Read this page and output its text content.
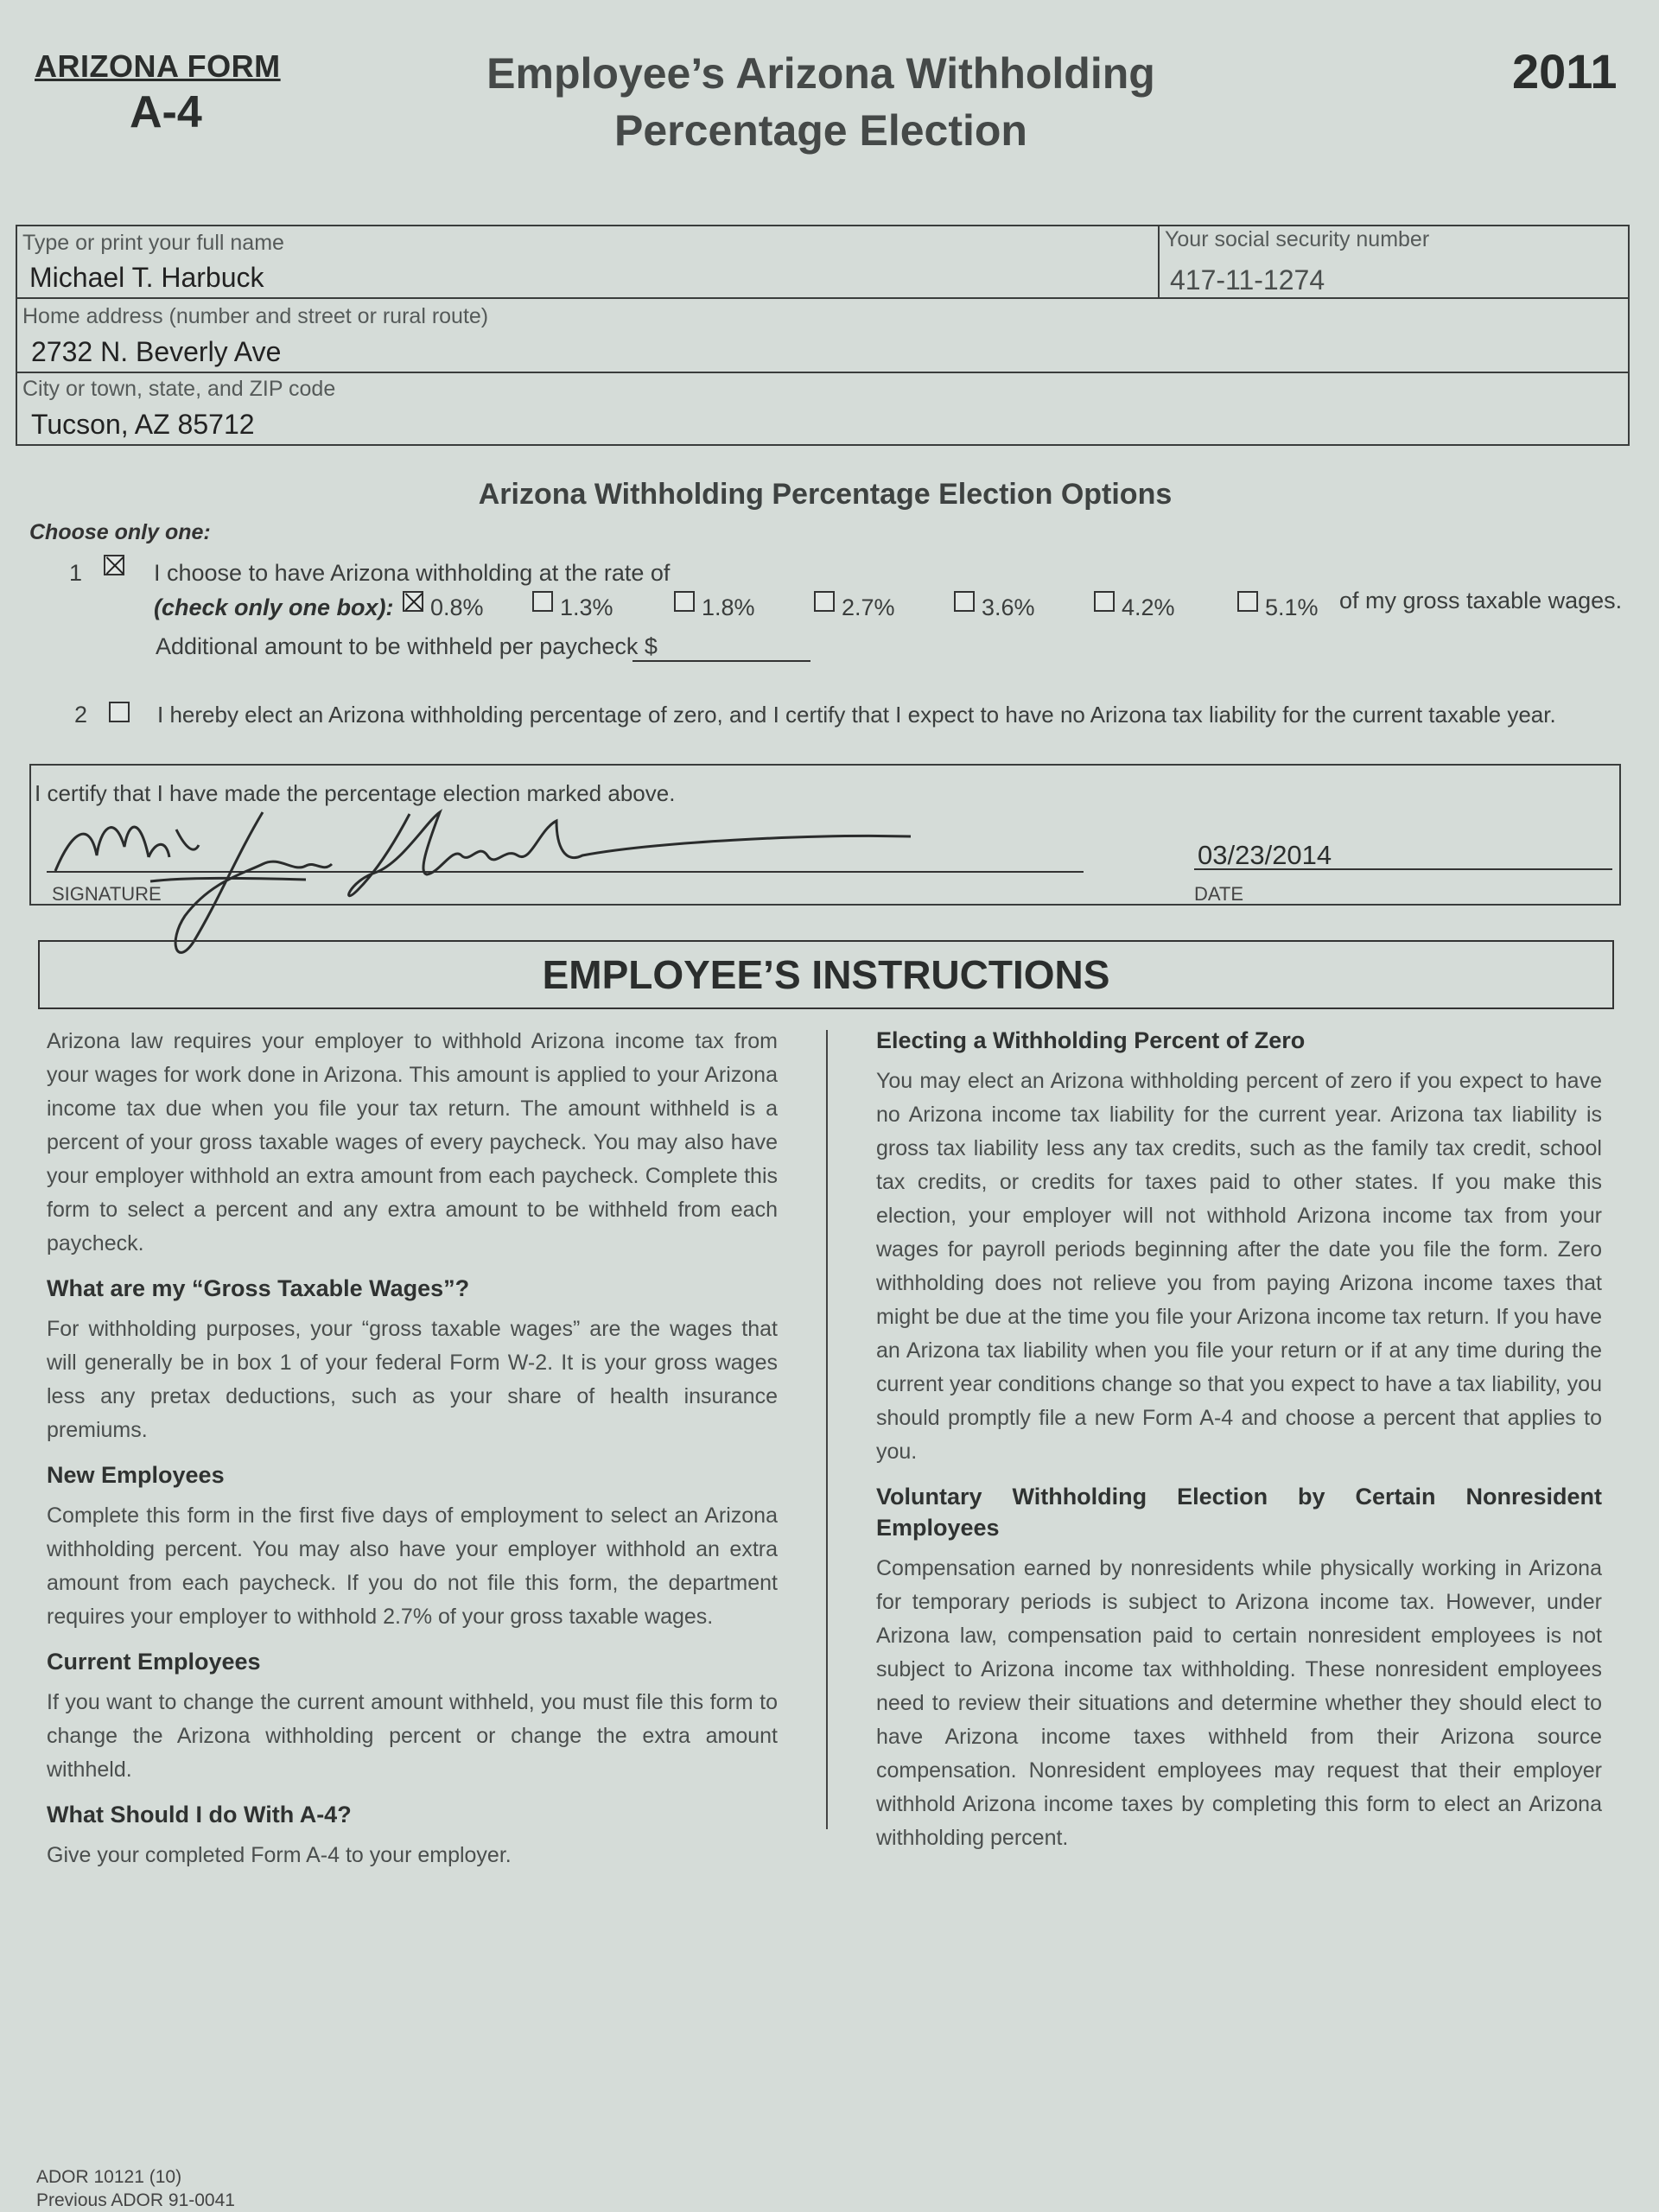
ARIZONA FORM
A-4
Employee’s Arizona Withholding
Percentage Election
2011
Type or print your full name
Michael T. Harbuck
Your social security number
417-11-1274
Home address (number and street or rural route)
2732 N. Beverly Ave
City or town, state, and ZIP code
Tucson, AZ 85712
Arizona Withholding Percentage Election Options
Choose only one:
1	I choose to have Arizona withholding at the rate of
(check only one box): 0.8%	1.3%	1.8%	2.7%	3.6%	4.2%	5.1% of my gross taxable wages.
Additional amount to be withheld per paycheck $
2	I hereby elect an Arizona withholding percentage of zero, and I certify that I expect to have no Arizona tax liability for the current taxable year.
I certify that I have made the percentage election marked above.
SIGNATURE
03/23/2014
DATE
EMPLOYEE’S INSTRUCTIONS

Arizona law requires your employer to withhold Arizona income tax from your wages for work done in Arizona. This amount is applied to your Arizona income tax due when you file your tax return. The amount withheld is a percent of your gross taxable wages of every paycheck. You may also have your employer withhold an extra amount from each paycheck. Complete this form to select a percent and any extra amount to be withheld from each paycheck.

What are my “Gross Taxable Wages”?

For withholding purposes, your “gross taxable wages” are the wages that will generally be in box 1 of your federal Form W-2. It is your gross wages less any pretax deductions, such as your share of health insurance premiums.

New Employees

Complete this form in the first five days of employment to select an Arizona withholding percent. You may also have your employer withhold an extra amount from each paycheck. If you do not file this form, the department requires your employer to withhold 2.7% of your gross taxable wages.

Current Employees

If you want to change the current amount withheld, you must file this form to change the Arizona withholding percent or change the extra amount withheld.

What Should I do With A-4?

Give your completed Form A-4 to your employer.

Electing a Withholding Percent of Zero

You may elect an Arizona withholding percent of zero if you expect to have no Arizona income tax liability for the current year. Arizona tax liability is gross tax liability less any tax credits, such as the family tax credit, school tax credits, or credits for taxes paid to other states. If you make this election, your employer will not withhold Arizona income tax from your wages for payroll periods beginning after the date you file the form. Zero withholding does not relieve you from paying Arizona income taxes that might be due at the time you file your Arizona income tax return. If you have an Arizona tax liability when you file your return or if at any time during the current year conditions change so that you expect to have a tax liability, you should promptly file a new Form A-4 and choose a percent that applies to you.

Voluntary Withholding Election by Certain Nonresident Employees

Compensation earned by nonresidents while physically working in Arizona for temporary periods is subject to Arizona income tax. However, under Arizona law, compensation paid to certain nonresident employees is not subject to Arizona income tax withholding. These nonresident employees need to review their situations and determine whether they should elect to have Arizona income taxes withheld from their Arizona source compensation. Nonresident employees may request that their employer withhold Arizona income taxes by completing this form to elect an Arizona withholding percent.

ADOR 10121 (10)
Previous ADOR 91-0041
